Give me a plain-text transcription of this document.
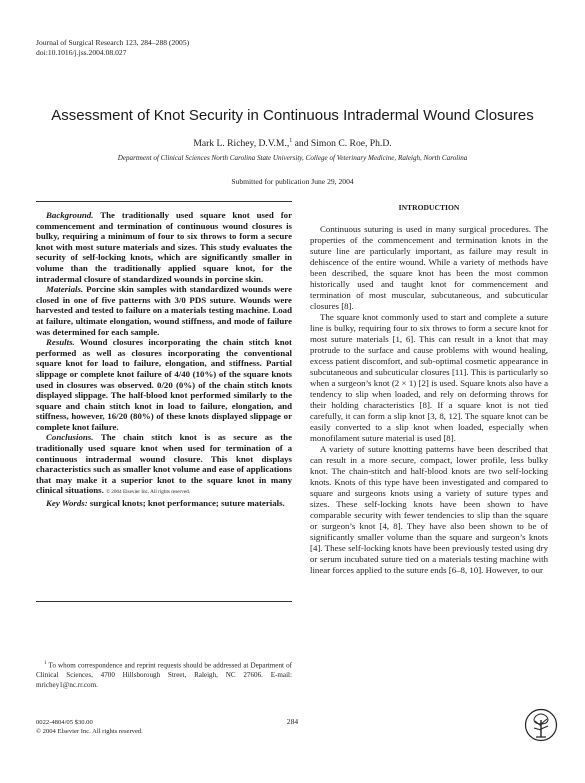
Journal of Surgical Research 123, 284–288 (2005)
doi:10.1016/j.jss.2004.08.027
Assessment of Knot Security in Continuous Intradermal Wound Closures
Mark L. Richey, D.V.M.,$^1$ and Simon C. Roe, Ph.D.
Department of Clinical Sciences North Carolina State University, College of Veterinary Medicine, Raleigh, North Carolina
Submitted for publication June 29, 2004

Background. The traditionally used square knot used for commencement and termination of continuous wound closures is bulky, requiring a minimum of four to six throws to form a secure knot with most suture materials and sizes. This study evaluates the security of self-locking knots, which are significantly smaller in volume than the traditionally applied square knot, for the intradermal closure of standardized wounds in porcine skin.

Materials. Porcine skin samples with standardized wounds were closed in one of five patterns with 3/0 PDS suture. Wounds were harvested and tested to failure on a materials testing machine. Load at failure, ultimate elongation, wound stiffness, and mode of failure was determined for each sample.

Results. Wound closures incorporating the chain stitch knot performed as well as closures incorporating the conventional square knot for load to failure, elongation, and stiffness. Partial slippage or complete knot failure of 4/40 (10%) of the square knots used in closures was observed. 0/20 (0%) of the chain stitch knots displayed slippage. The half-blood knot performed similarly to the square and chain stitch knot in load to failure, elongation, and stiffness, however, 16/20 (80%) of these knots displayed slippage or complete knot failure.

Conclusions. The chain stitch knot is as secure as the traditionally used square knot when used for termination of a continuous intradermal wound closure. This knot displays characteristics such as smaller knot volume and ease of applications that may make it a superior knot to the square knot in many clinical situations. © 2004 Elsevier Inc. All rights reserved.

Key Words: surgical knots; knot performance; suture materials.

$^1$ To whom correspondence and reprint requests should be addressed at Department of Clinical Sciences, 4700 Hillsborough Street, Raleigh, NC 27606. E-mail: mrichey1@nc.rr.com.

0022-4804/05 $30.00
© 2004 Elsevier Inc. All rights reserved.
284
INTRODUCTION

Continuous suturing is used in many surgical procedures. The properties of the commencement and termination knots in the suture line are particularly important, as failure may result in dehiscence of the entire wound. While a variety of methods have been described, the square knot has been the most common historically used and taught knot for commencement and termination of most muscular, subcutaneous, and subcuticular closures [8].

The square knot commonly used to start and complete a suture line is bulky, requiring four to six throws to form a secure knot for most suture materials [1, 6]. This can result in a knot that may protrude to the surface and cause problems with wound healing, excess patient discomfort, and sub-optimal cosmetic appearance in subcutaneous and subcuticular closures [11]. This is particularly so when a surgeon’s knot (2 × 1) [2] is used. Square knots also have a tendency to slip when loaded, and rely on deforming throws for their holding characteristics [8]. If a square knot is not tied carefully, it can form a slip knot [3, 8, 12]. The square knot can be easily converted to a slip knot when loaded, especially when monofilament suture material is used [8].

A variety of suture knotting patterns have been described that can result in a more secure, compact, lower profile, less bulky knot. The chain-stitch and half-blood knots are two self-locking knots. Knots of this type have been investigated and compared to square and surgeons knots using a variety of suture types and sizes. These self-locking knots have been shown to have comparable security with fewer tendencies to slip than the square or surgeon’s knot [4, 8]. They have also been shown to be of significantly smaller volume than the square and surgeon’s knots [4]. These self-locking knots have been previously tested using dry or serum incubated suture tied on a materials testing machine with linear forces applied to the suture ends [6–8, 10]. However, to our
